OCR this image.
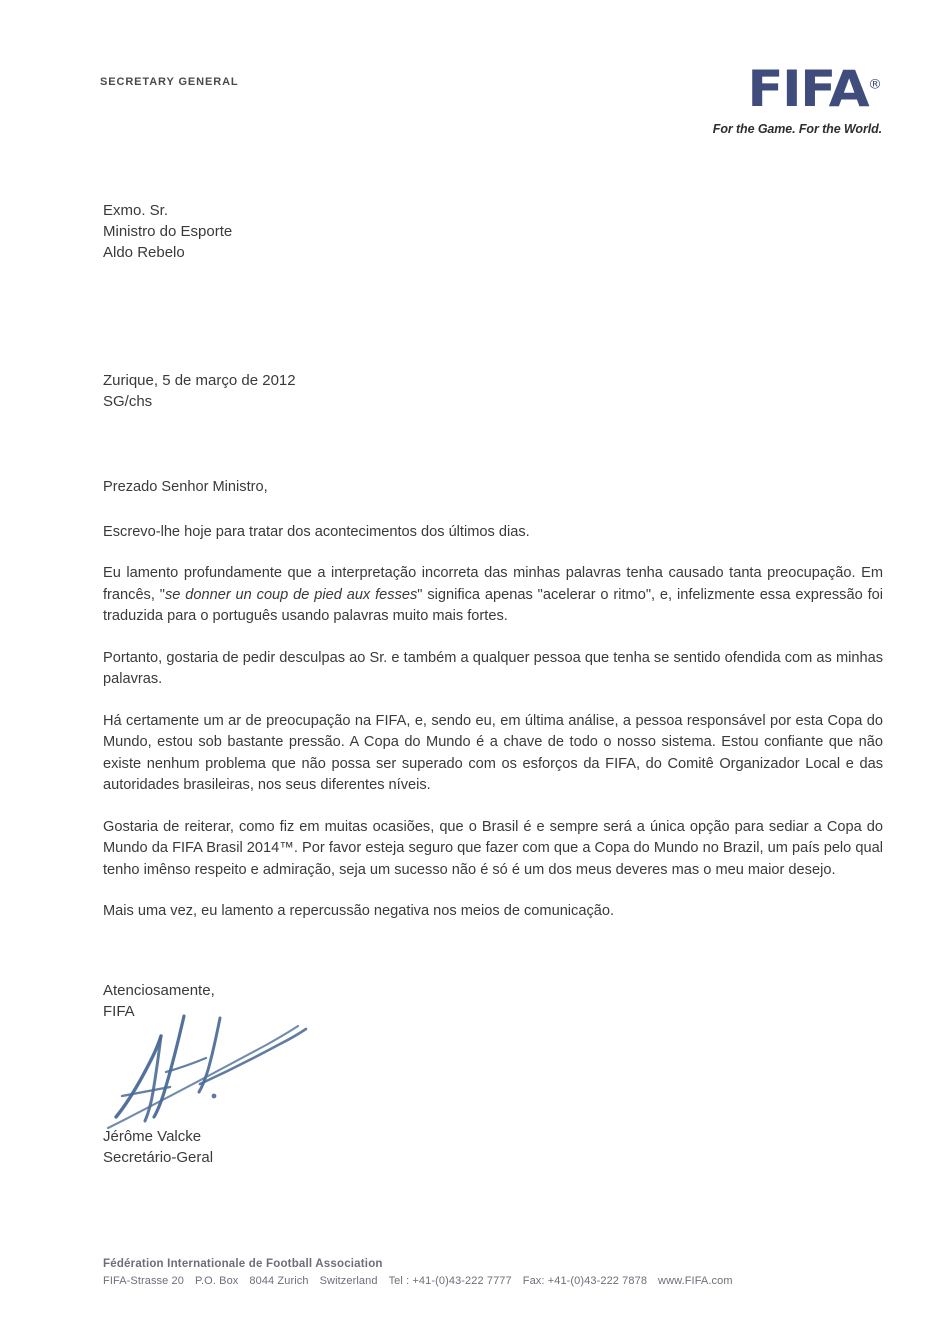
SECRETARY GENERAL	FIFA®
For the Game. For the World.
Exmo. Sr.
Ministro do Esporte
Aldo Rebelo
Zurique, 5 de março de 2012
SG/chs

Prezado Senhor Ministro,

Escrevo-lhe hoje para tratar dos acontecimentos dos últimos dias.

Eu lamento profundamente que a interpretação incorreta das minhas palavras tenha causado tanta preocupação. Em francês, "se donner un coup de pied aux fesses" significa apenas "acelerar o ritmo", e, infelizmente essa expressão foi traduzida para o português usando palavras muito mais fortes.

Portanto, gostaria de pedir desculpas ao Sr. e também a qualquer pessoa que tenha se sentido ofendida com as minhas palavras.

Há certamente um ar de preocupação na FIFA, e, sendo eu, em última análise, a pessoa responsável por esta Copa do Mundo, estou sob bastante pressão. A Copa do Mundo é a chave de todo o nosso sistema. Estou confiante que não existe nenhum problema que não possa ser superado com os esforços da FIFA, do Comitê Organizador Local e das autoridades brasileiras, nos seus diferentes níveis.

Gostaria de reiterar, como fiz em muitas ocasiões, que o Brasil é e sempre será a única opção para sediar a Copa do Mundo da FIFA Brasil 2014™. Por favor esteja seguro que fazer com que a Copa do Mundo no Brazil, um país pelo qual tenho imênso respeito e admiração, seja um sucesso não é só é um dos meus deveres mas o meu maior desejo.

Mais uma vez, eu lamento a repercussão negativa nos meios de comunicação.

Atenciosamente,
FIFA
Jérôme Valcke
Secretário-Geral
Fédération Internationale de Football Association
FIFA-Strasse 20 P.O. Box 8044 Zurich Switzerland Tel : +41-(0)43-222 7777 Fax: +41-(0)43-222 7878 www.FIFA.com
